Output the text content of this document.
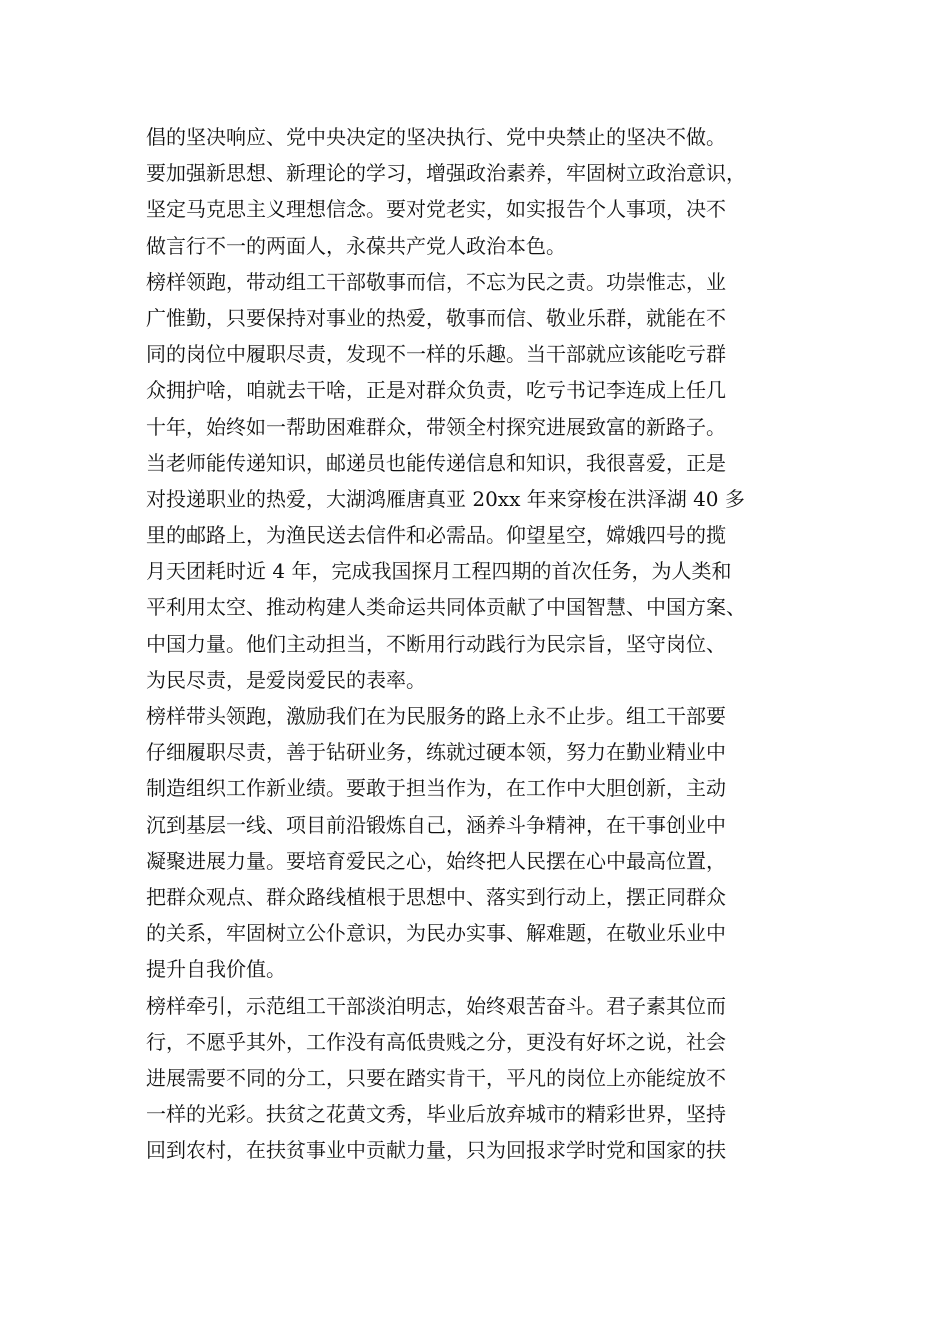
倡的坚决响应、党中央决定的坚决执行、党中央禁止的坚决不做。
要加强新思想、新理论的学习，增强政治素养，牢固树立政治意识，
坚定马克思主义理想信念。要对党老实，如实报告个人事项，决不
做言行不一的两面人，永葆共产党人政治本色。
榜样领跑，带动组工干部敬事而信，不忘为民之责。功崇惟志，业
广惟勤，只要保持对事业的热爱，敬事而信、敬业乐群，就能在不
同的岗位中履职尽责，发现不一样的乐趣。当干部就应该能吃亏群
众拥护啥，咱就去干啥，正是对群众负责，吃亏书记李连成上任几
十年，始终如一帮助困难群众，带领全村探究进展致富的新路子。
当老师能传递知识，邮递员也能传递信息和知识，我很喜爱，正是
对投递职业的热爱，大湖鸿雁唐真亚 20xx 年来穿梭在洪泽湖 40 多
里的邮路上，为渔民送去信件和必需品。仰望星空，嫦娥四号的揽
月天团耗时近 4 年，完成我国探月工程四期的首次任务，为人类和
平利用太空、推动构建人类命运共同体贡献了中国智慧、中国方案、
中国力量。他们主动担当，不断用行动践行为民宗旨，坚守岗位、
为民尽责，是爱岗爱民的表率。
榜样带头领跑，激励我们在为民服务的路上永不止步。组工干部要
仔细履职尽责，善于钻研业务，练就过硬本领，努力在勤业精业中
制造组织工作新业绩。要敢于担当作为，在工作中大胆创新，主动
沉到基层一线、项目前沿锻炼自己，涵养斗争精神，在干事创业中
凝聚进展力量。要培育爱民之心，始终把人民摆在心中最高位置，
把群众观点、群众路线植根于思想中、落实到行动上，摆正同群众
的关系，牢固树立公仆意识，为民办实事、解难题，在敬业乐业中
提升自我价值。
榜样牵引，示范组工干部淡泊明志，始终艰苦奋斗。君子素其位而
行，不愿乎其外，工作没有高低贵贱之分，更没有好坏之说，社会
进展需要不同的分工，只要在踏实肯干，平凡的岗位上亦能绽放不
一样的光彩。扶贫之花黄文秀，毕业后放弃城市的精彩世界，坚持
回到农村，在扶贫事业中贡献力量，只为回报求学时党和国家的扶
